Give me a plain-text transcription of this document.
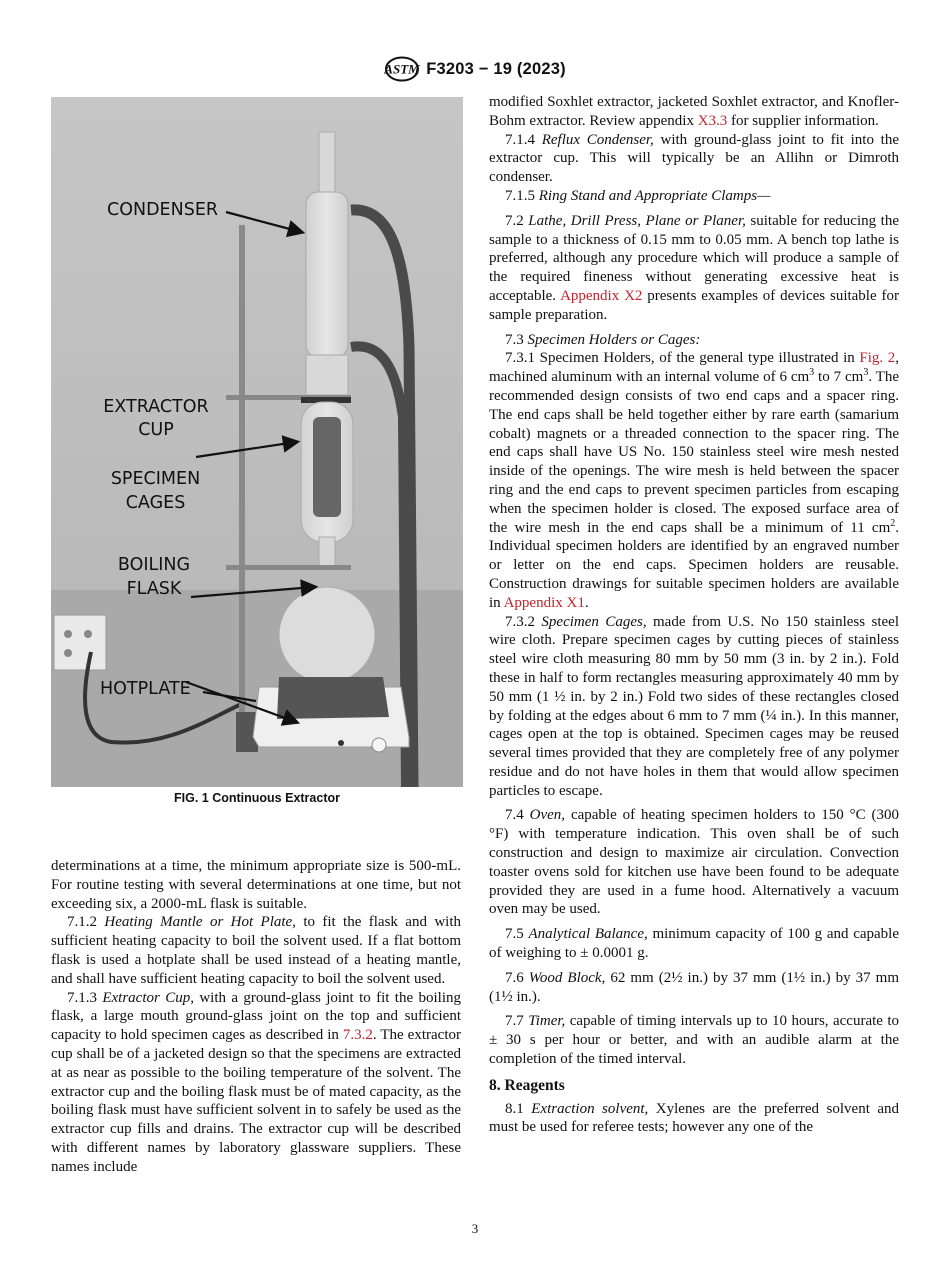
ASTM F3203 − 19 (2023)
CONDENSER
EXTRACTOR
CUP
SPECIMEN
CAGES
BOILING
FLASK
HOTPLATE
FIG. 1 Continuous Extractor

determinations at a time, the minimum appropriate size is 500-mL. For routine testing with several determinations at one time, but not exceeding six, a 2000-mL flask is suitable.

7.1.2 Heating Mantle or Hot Plate, to fit the flask and with sufficient heating capacity to boil the solvent used. If a flat bottom flask is used a hotplate shall be used instead of a heating mantle, and shall have sufficient heating capacity to boil the solvent used.

7.1.3 Extractor Cup, with a ground-glass joint to fit the boiling flask, a large mouth ground-glass joint on the top and sufficient capacity to hold specimen cages as described in 7.3.2. The extractor cup shall be of a jacketed design so that the specimens are extracted at as near as possible to the boiling temperature of the solvent. The extractor cup and the boiling flask must be of mated capacity, as the boiling flask must have sufficient solvent in to safely be used as the extractor cup fills and drains. The extractor cup will be described with different names by laboratory glassware suppliers. These names include

modified Soxhlet extractor, jacketed Soxhlet extractor, and Knofler-Bohm extractor. Review appendix X3.3 for supplier information.

7.1.4 Reflux Condenser, with ground-glass joint to fit into the extractor cup. This will typically be an Allihn or Dimroth condenser.

7.1.5 Ring Stand and Appropriate Clamps—

7.2 Lathe, Drill Press, Plane or Planer, suitable for reducing the sample to a thickness of 0.15 mm to 0.05 mm. A bench top lathe is preferred, although any procedure which will produce a sample of the required fineness without generating excessive heat is acceptable. Appendix X2 presents examples of devices suitable for sample preparation.

7.3 Specimen Holders or Cages:

7.3.1 Specimen Holders, of the general type illustrated in Fig. 2, machined aluminum with an internal volume of 6 $cm^3$ to 7 $cm^3$. The recommended design consists of two end caps and a spacer ring. The end caps shall be held together either by rare earth (samarium cobalt) magnets or a threaded connection to the spacer ring. The end caps shall have US No. 150 stainless steel wire mesh nested inside of the openings. The wire mesh is held between the spacer ring and the end caps to prevent specimen particles from escaping when the specimen holder is closed. The exposed surface area of the wire mesh in the end caps shall be a minimum of 11 $cm^2$. Individual specimen holders are identified by an engraved number or letter on the end caps. Specimen holders are reusable. Construction drawings for suitable specimen holders are available in Appendix X1.

7.3.2 Specimen Cages, made from U.S. No 150 stainless steel wire cloth. Prepare specimen cages by cutting pieces of stainless steel wire cloth measuring 80 mm by 50 mm (3 in. by 2 in.). Fold these in half to form rectangles measuring approximately 40 mm by 50 mm (1 ½ in. by 2 in.) Fold two sides of these rectangles closed by folding at the edges about 6 mm to 7 mm (¼ in.). In this manner, cages open at the top is obtained. Specimen cages may be reused several times provided that they are completely free of any polymer residue and do not have holes in them that would allow specimen particles to escape.

7.4 Oven, capable of heating specimen holders to 150 °C (300 °F) with temperature indication. This oven shall be of such construction and design to maximize air circulation. Convection toaster ovens sold for kitchen use have been found to be adequate provided they are used in a fume hood. Alternatively a vacuum oven may be used.

7.5 Analytical Balance, minimum capacity of 100 g and capable of weighing to ± 0.0001 g.

7.6 Wood Block, 62 mm (2½ in.) by 37 mm (1½ in.) by 37 mm (1½ in.).

7.7 Timer, capable of timing intervals up to 10 hours, accurate to ± 30 s per hour or better, and with an audible alarm at the completion of the timed interval.

8. Reagents

8.1 Extraction solvent, Xylenes are the preferred solvent and must be used for referee tests; however any one of the

3
